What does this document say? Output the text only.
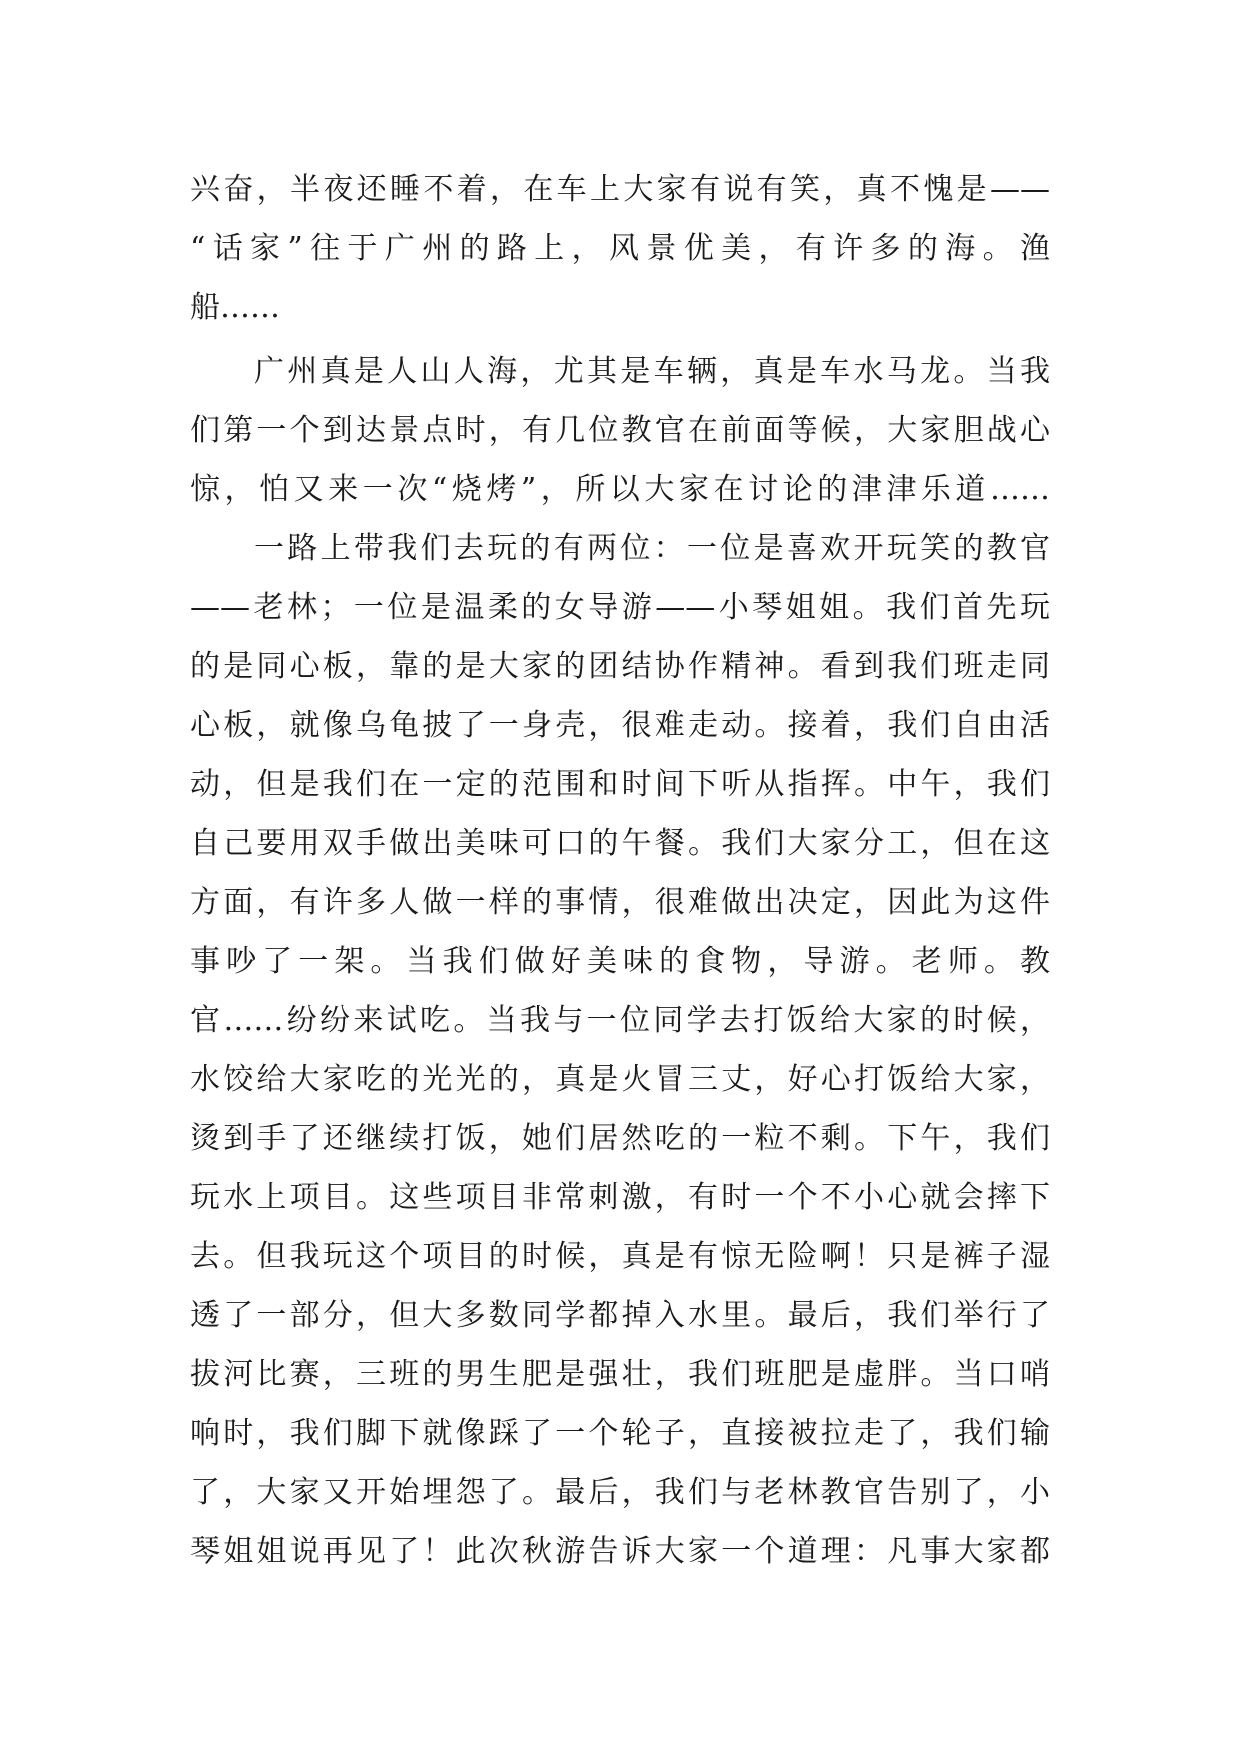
兴奋，半夜还睡不着，在车上大家有说有笑，真不愧是——
“话家”往于广州的路上，风景优美，有许多的海。渔
船……
广州真是人山人海，尤其是车辆，真是车水马龙。当我
们第一个到达景点时，有几位教官在前面等候，大家胆战心
惊，怕又来一次“烧烤”，所以大家在讨论的津津乐道……
一路上带我们去玩的有两位：一位是喜欢开玩笑的教官
——老林；一位是温柔的女导游——小琴姐姐。我们首先玩
的是同心板，靠的是大家的团结协作精神。看到我们班走同
心板，就像乌龟披了一身壳，很难走动。接着，我们自由活
动，但是我们在一定的范围和时间下听从指挥。中午，我们
自己要用双手做出美味可口的午餐。我们大家分工，但在这
方面，有许多人做一样的事情，很难做出决定，因此为这件
事吵了一架。当我们做好美味的食物，导游。老师。教
官……纷纷来试吃。当我与一位同学去打饭给大家的时候，
水饺给大家吃的光光的，真是火冒三丈，好心打饭给大家，
烫到手了还继续打饭，她们居然吃的一粒不剩。下午，我们
玩水上项目。这些项目非常刺激，有时一个不小心就会摔下
去。但我玩这个项目的时候，真是有惊无险啊！只是裤子湿
透了一部分，但大多数同学都掉入水里。最后，我们举行了
拔河比赛，三班的男生肥是强壮，我们班肥是虚胖。当口哨
响时，我们脚下就像踩了一个轮子，直接被拉走了，我们输
了，大家又开始埋怨了。最后，我们与老林教官告别了，小
琴姐姐说再见了！此次秋游告诉大家一个道理：凡事大家都
